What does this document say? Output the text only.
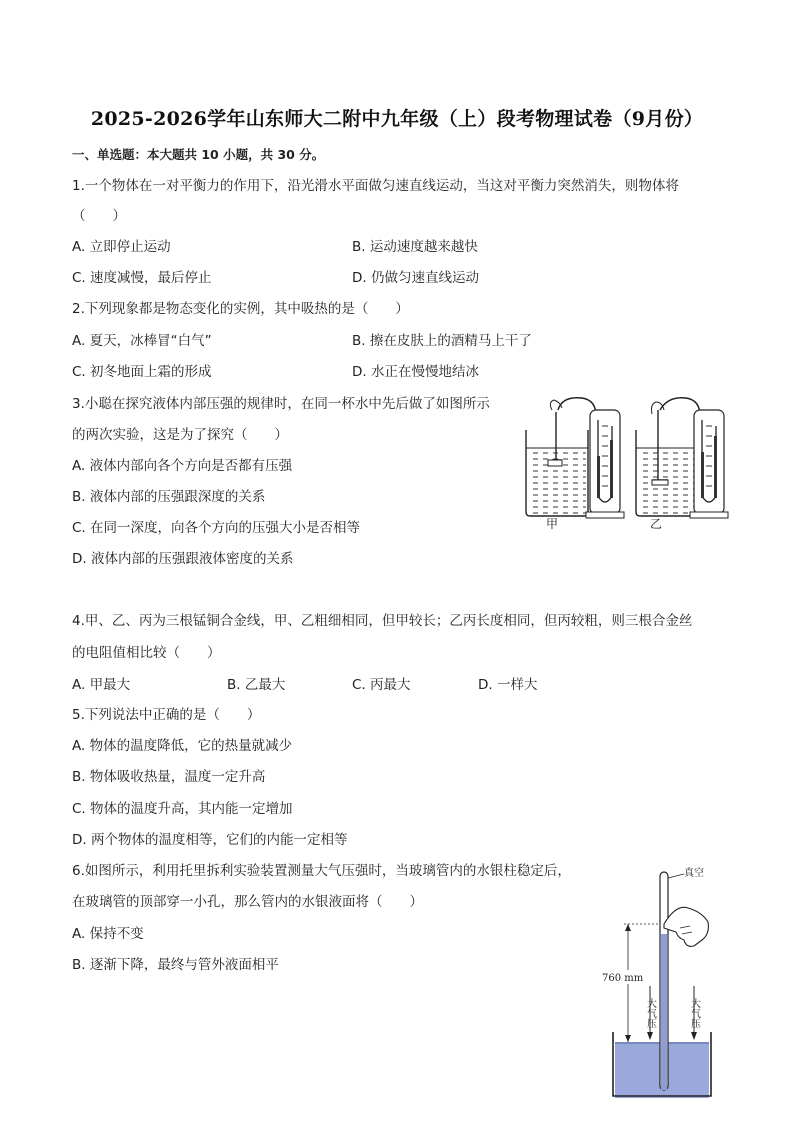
2025-2026学年山东师大二附中九年级（上）段考物理试卷（9月份）
一、单选题：本大题共 10 小题，共 30 分。
1.一个物体在一对平衡力的作用下，沿光滑水平面做匀速直线运动，当这对平衡力突然消失，则物体将
（　　）
A. 立即停止运动	B. 运动速度越来越快
C. 速度减慢，最后停止	D. 仍做匀速直线运动
2.下列现象都是物态变化的实例，其中吸热的是（　　）
A. 夏天，冰棒冒“白气”	B. 擦在皮肤上的酒精马上干了
C. 初冬地面上霜的形成	D. 水正在慢慢地结冰
3.小聪在探究液体内部压强的规律时，在同一杯水中先后做了如图所示
的两次实验，这是为了探究（　　）
A. 液体内部向各个方向是否都有压强
B. 液体内部的压强跟深度的关系
C. 在同一深度，向各个方向的压强大小是否相等
D. 液体内部的压强跟液体密度的关系
甲	乙
4.甲、乙、丙为三根锰铜合金线，甲、乙粗细相同，但甲较长；乙丙长度相同，但丙较粗，则三根合金丝
的电阻值相比较（　　）
A. 甲最大	B. 乙最大	C. 丙最大	D. 一样大
5.下列说法中正确的是（　　）
A. 物体的温度降低，它的热量就减少
B. 物体吸收热量，温度一定升高
C. 物体的温度升高，其内能一定增加
D. 两个物体的温度相等，它们的内能一定相等
6.如图所示，利用托里拆利实验装置测量大气压强时，当玻璃管内的水银柱稳定后，
在玻璃管的顶部穿一小孔，那么管内的水银液面将（　　）
A. 保持不变
B. 逐渐下降，最终与管外液面相平
真空
760 mm
大气压	大气压
